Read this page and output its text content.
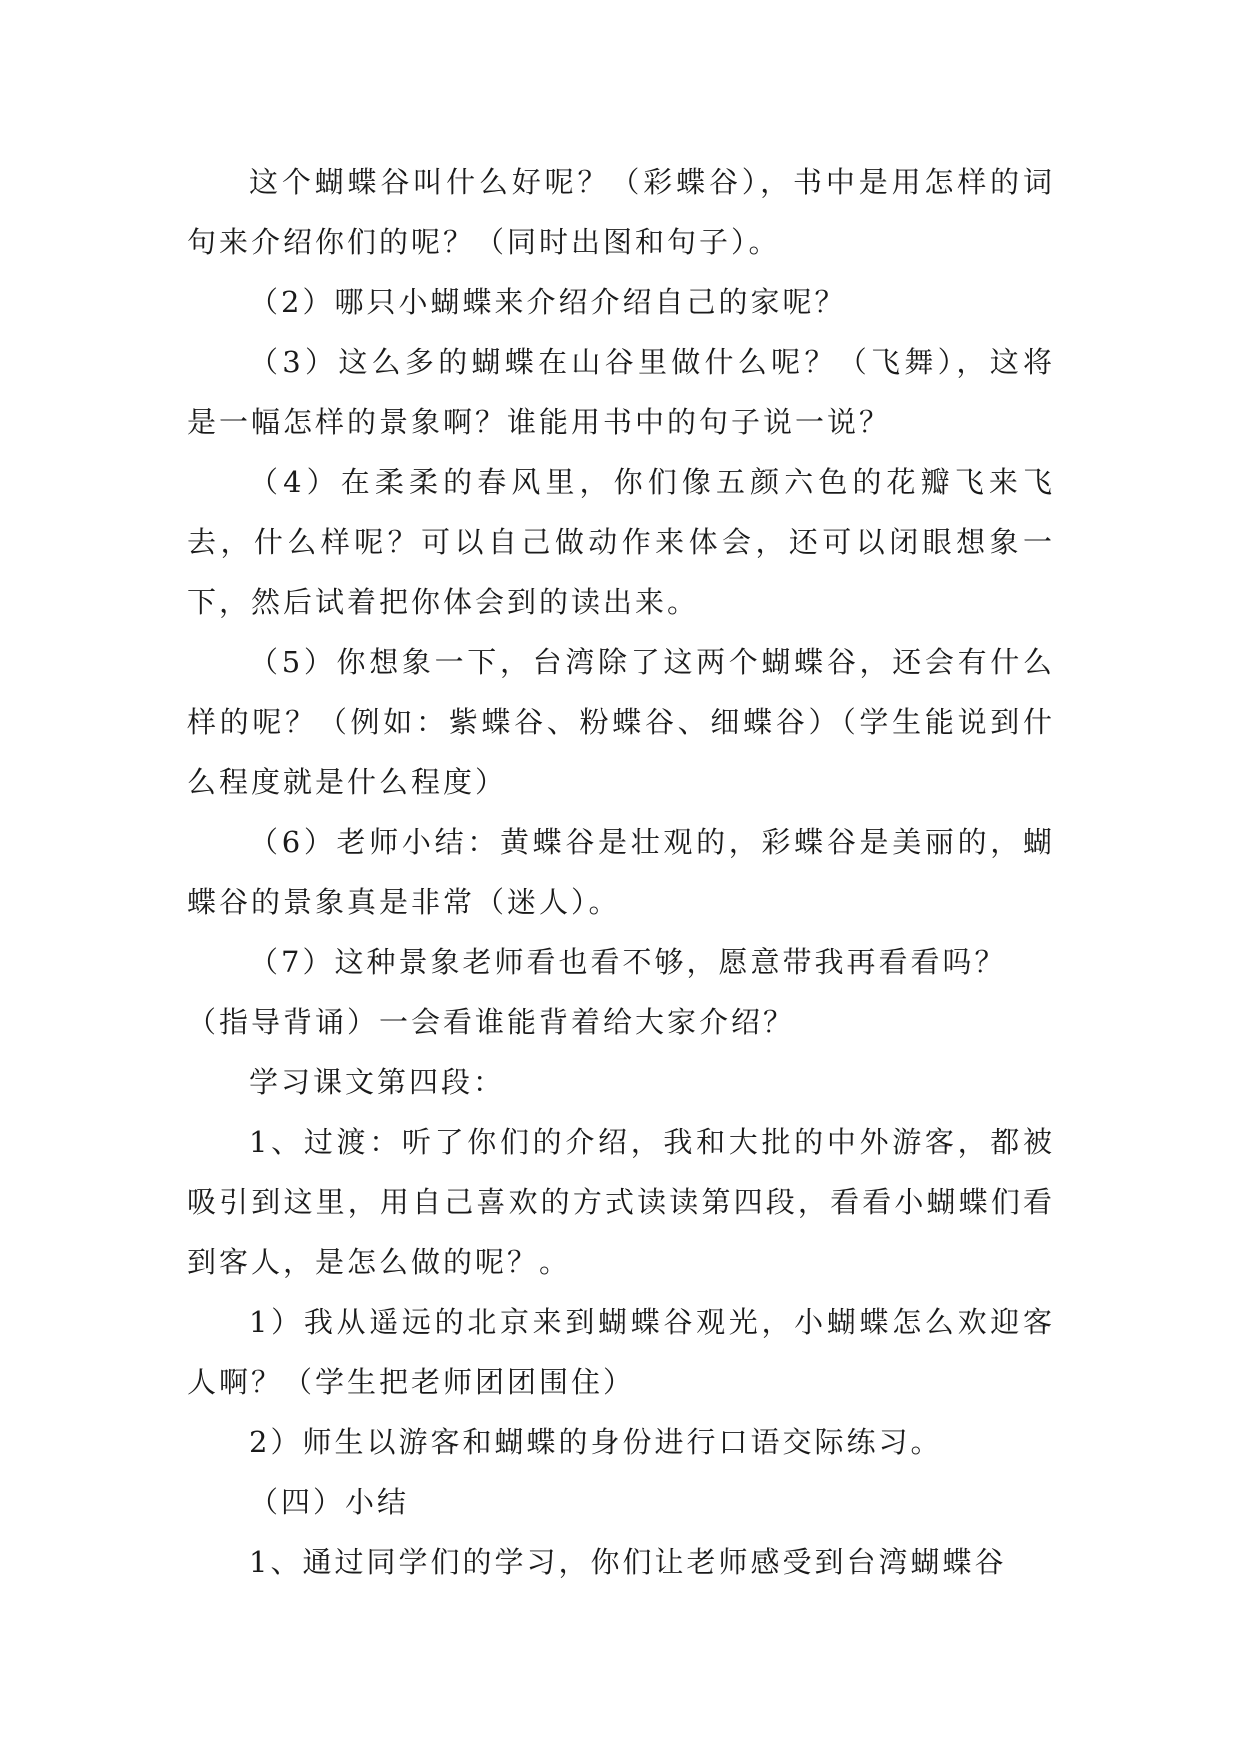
这个蝴蝶谷叫什么好呢？（彩蝶谷），书中是用怎样的词句来介绍你们的呢？（同时出图和句子）。

（2）哪只小蝴蝶来介绍介绍自己的家呢？

（3）这么多的蝴蝶在山谷里做什么呢？（飞舞），这将是一幅怎样的景象啊？谁能用书中的句子说一说？

（4）在柔柔的春风里，你们像五颜六色的花瓣飞来飞去，什么样呢？可以自己做动作来体会，还可以闭眼想象一下，然后试着把你体会到的读出来。

（5）你想象一下，台湾除了这两个蝴蝶谷，还会有什么样的呢？（例如：紫蝶谷、粉蝶谷、细蝶谷）（学生能说到什么程度就是什么程度）

（6）老师小结：黄蝶谷是壮观的，彩蝶谷是美丽的，蝴蝶谷的景象真是非常（迷人）。

（7）这种景象老师看也看不够，愿意带我再看看吗？

（指导背诵）一会看谁能背着给大家介绍？

学习课文第四段：

1、过渡：听了你们的介绍，我和大批的中外游客，都被吸引到这里，用自己喜欢的方式读读第四段，看看小蝴蝶们看到客人，是怎么做的呢？。

1）我从遥远的北京来到蝴蝶谷观光，小蝴蝶怎么欢迎客人啊？（学生把老师团团围住）

2）师生以游客和蝴蝶的身份进行口语交际练习。

（四）小结

1、通过同学们的学习，你们让老师感受到台湾蝴蝶谷
